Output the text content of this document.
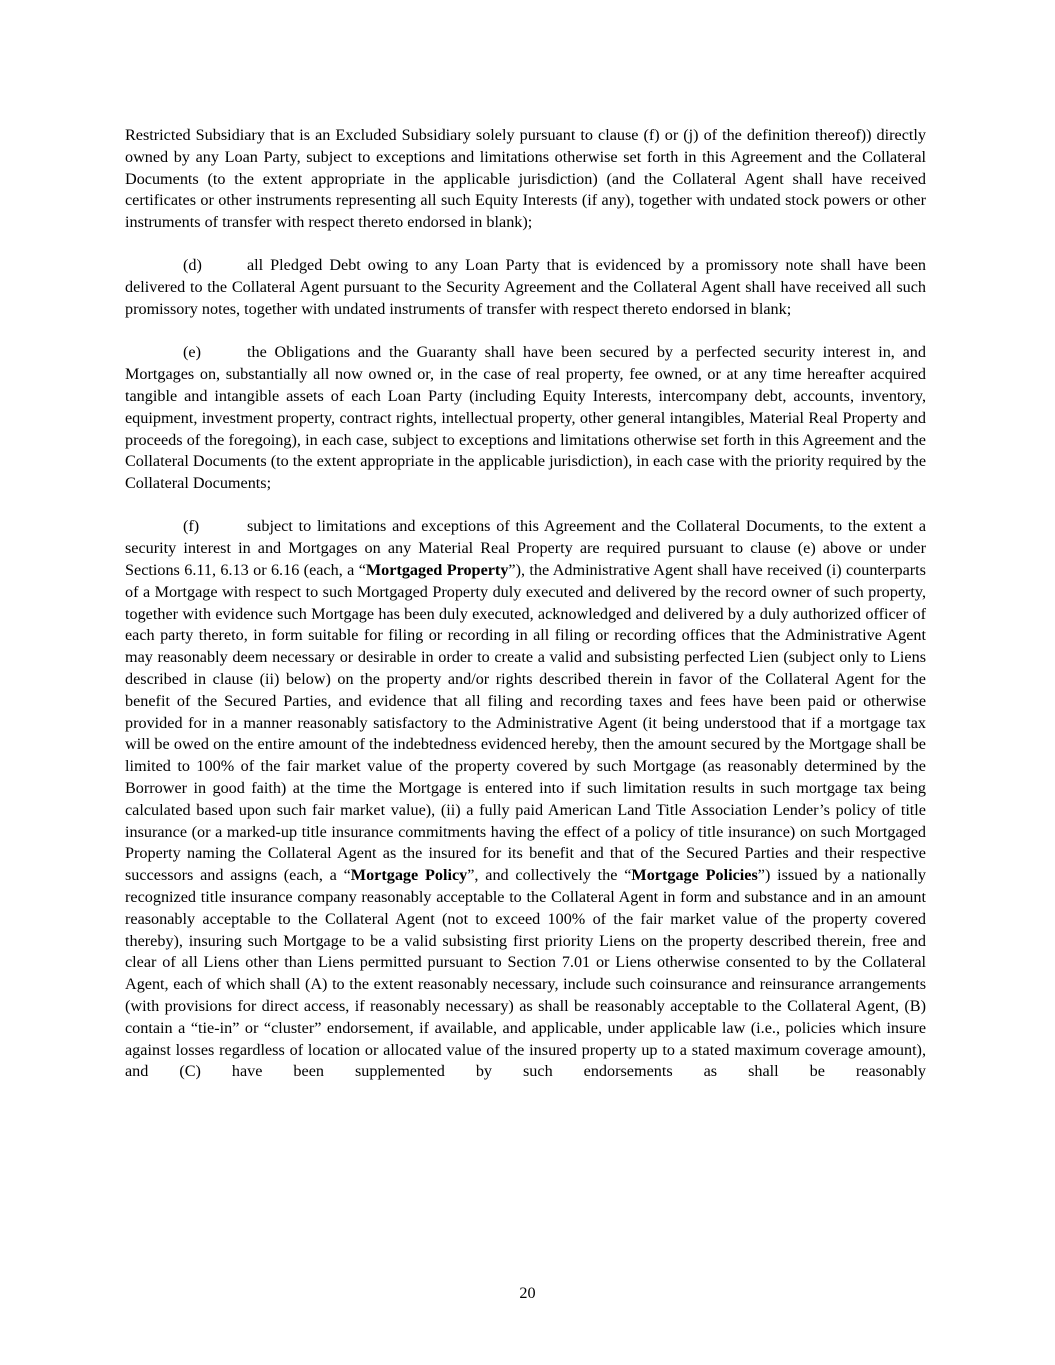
Restricted Subsidiary that is an Excluded Subsidiary solely pursuant to clause (f) or (j) of the definition thereof)) directly owned by any Loan Party, subject to exceptions and limitations otherwise set forth in this Agreement and the Collateral Documents (to the extent appropriate in the applicable jurisdiction) (and the Collateral Agent shall have received certificates or other instruments representing all such Equity Interests (if any), together with undated stock powers or other instruments of transfer with respect thereto endorsed in blank);

(d)	all Pledged Debt owing to any Loan Party that is evidenced by a promissory note shall have been delivered to the Collateral Agent pursuant to the Security Agreement and the Collateral Agent shall have received all such promissory notes, together with undated instruments of transfer with respect thereto endorsed in blank;

(e)	the Obligations and the Guaranty shall have been secured by a perfected security interest in, and Mortgages on, substantially all now owned or, in the case of real property, fee owned, or at any time hereafter acquired tangible and intangible assets of each Loan Party (including Equity Interests, intercompany debt, accounts, inventory, equipment, investment property, contract rights, intellectual property, other general intangibles, Material Real Property and proceeds of the foregoing), in each case, subject to exceptions and limitations otherwise set forth in this Agreement and the Collateral Documents (to the extent appropriate in the applicable jurisdiction), in each case with the priority required by the Collateral Documents;

(f)	subject to limitations and exceptions of this Agreement and the Collateral Documents, to the extent a security interest in and Mortgages on any Material Real Property are required pursuant to clause (e) above or under Sections 6.11, 6.13 or 6.16 (each, a “Mortgaged Property”), the Administrative Agent shall have received (i) counterparts of a Mortgage with respect to such Mortgaged Property duly executed and delivered by the record owner of such property, together with evidence such Mortgage has been duly executed, acknowledged and delivered by a duly authorized officer of each party thereto, in form suitable for filing or recording in all filing or recording offices that the Administrative Agent may reasonably deem necessary or desirable in order to create a valid and subsisting perfected Lien (subject only to Liens described in clause (ii) below) on the property and/or rights described therein in favor of the Collateral Agent for the benefit of the Secured Parties, and evidence that all filing and recording taxes and fees have been paid or otherwise provided for in a manner reasonably satisfactory to the Administrative Agent (it being understood that if a mortgage tax will be owed on the entire amount of the indebtedness evidenced hereby, then the amount secured by the Mortgage shall be limited to 100% of the fair market value of the property covered by such Mortgage (as reasonably determined by the Borrower in good faith) at the time the Mortgage is entered into if such limitation results in such mortgage tax being calculated based upon such fair market value), (ii) a fully paid American Land Title Association Lender’s policy of title insurance (or a marked-up title insurance commitments having the effect of a policy of title insurance) on such Mortgaged Property naming the Collateral Agent as the insured for its benefit and that of the Secured Parties and their respective successors and assigns (each, a “Mortgage Policy”, and collectively the “Mortgage Policies”) issued by a nationally recognized title insurance company reasonably acceptable to the Collateral Agent in form and substance and in an amount reasonably acceptable to the Collateral Agent (not to exceed 100% of the fair market value of the property covered thereby), insuring such Mortgage to be a valid subsisting first priority Liens on the property described therein, free and clear of all Liens other than Liens permitted pursuant to Section 7.01 or Liens otherwise consented to by the Collateral Agent, each of which shall (A) to the extent reasonably necessary, include such coinsurance and reinsurance arrangements (with provisions for direct access, if reasonably necessary) as shall be reasonably acceptable to the Collateral Agent, (B) contain a “tie-in” or “cluster” endorsement, if available, and applicable, under applicable law (i.e., policies which insure against losses regardless of location or allocated value of the insured property up to a stated maximum coverage amount), and (C) have been supplemented by such endorsements as shall be reasonably

20
